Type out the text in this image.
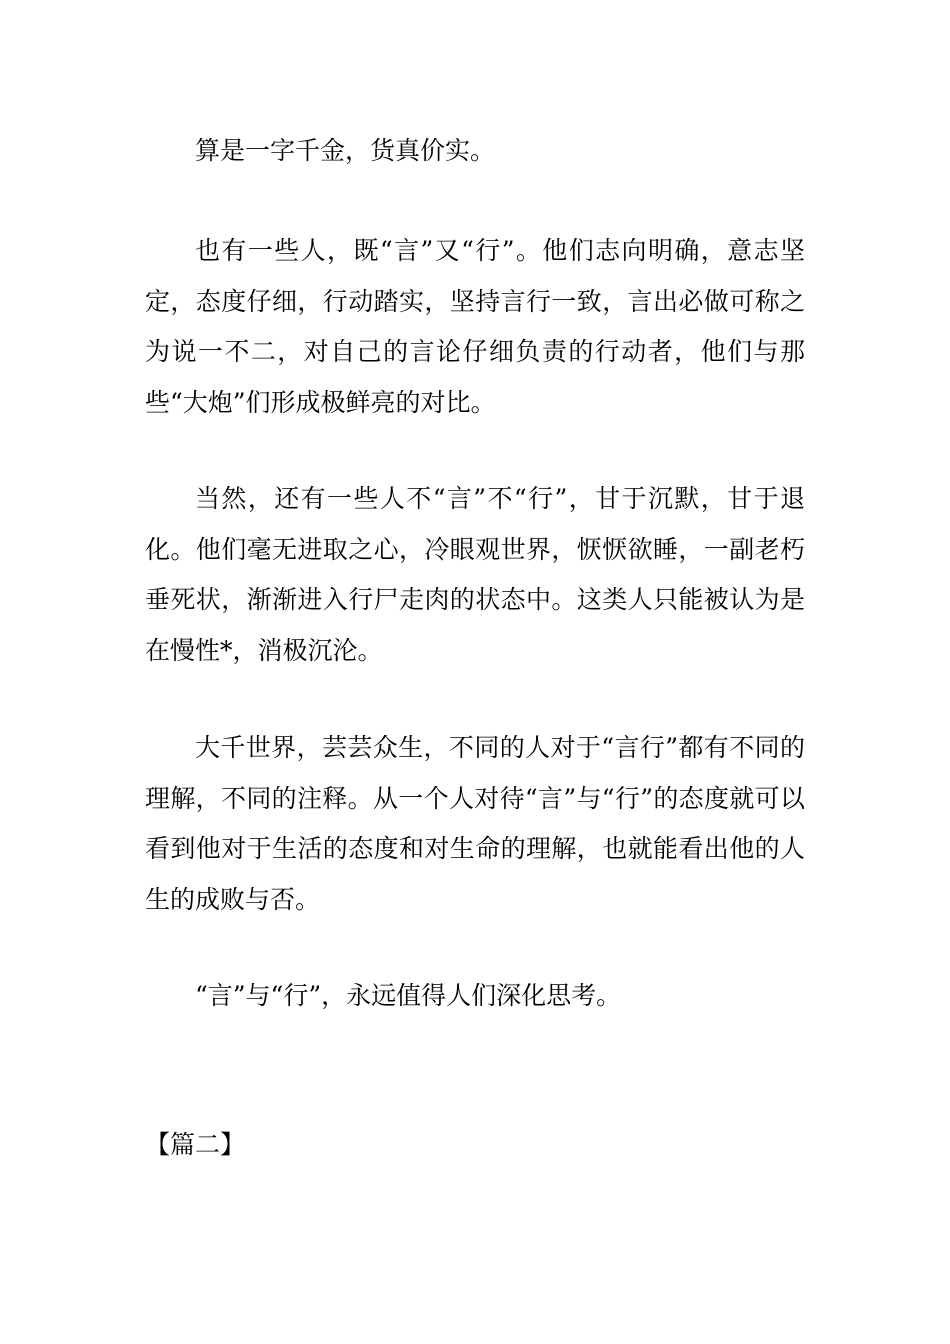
算是一字千金，货真价实。

也有一些人，既“言”又“行”。他们志向明确，意志坚定，态度仔细，行动踏实，坚持言行一致，言出必做可称之为说一不二，对自己的言论仔细负责的行动者，他们与那些“大炮”们形成极鲜亮的对比。

当然，还有一些人不“言”不“行”，甘于沉默，甘于退化。他们毫无进取之心，冷眼观世界，恹恹欲睡，一副老朽垂死状，渐渐进入行尸走肉的状态中。这类人只能被认为是在慢性*，消极沉沦。

大千世界，芸芸众生，不同的人对于“言行”都有不同的理解，不同的注释。从一个人对待“言”与“行”的态度就可以看到他对于生活的态度和对生命的理解，也就能看出他的人生的成败与否。

“言”与“行”，永远值得人们深化思考。

【篇二】
